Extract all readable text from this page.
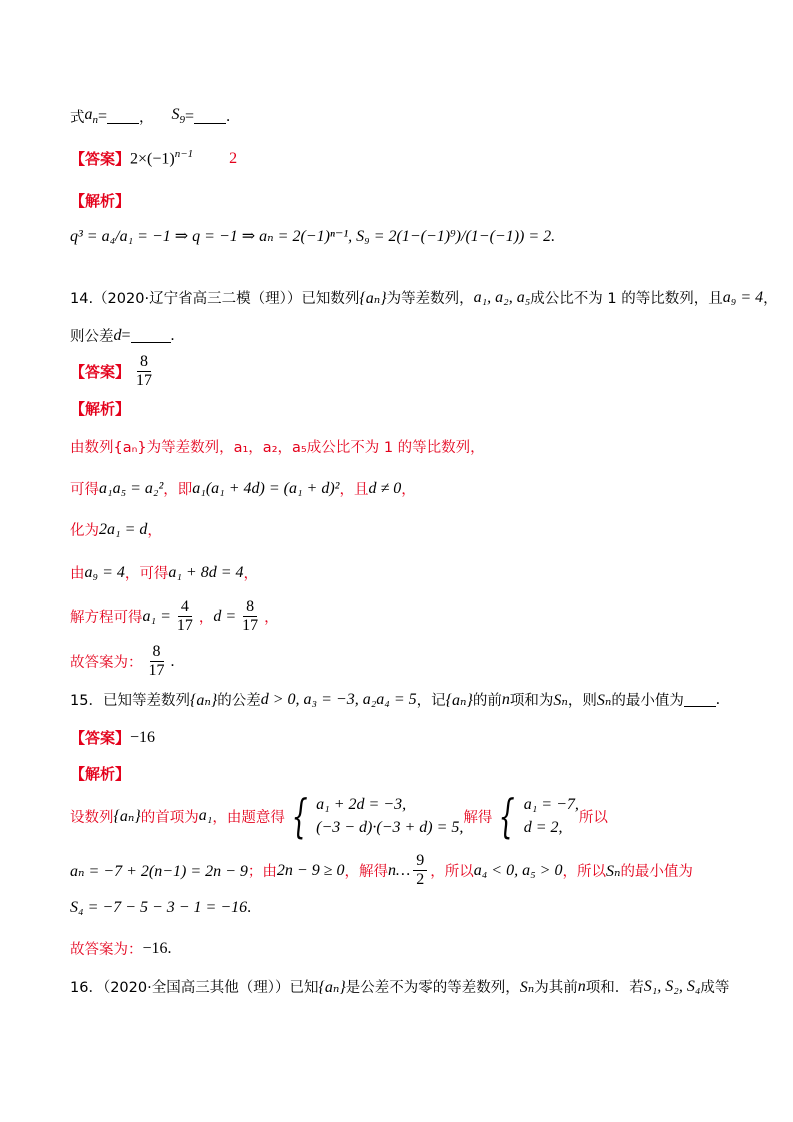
式 $a_n$ = ， $S_9$ = .
【答案】 $2\times(-1)^{n-1}$ 2
【解析】
q³ = a₄/a₁ = −1 ⇒ q = −1 ⇒ aₙ = 2(−1)ⁿ⁻¹, S₉ = 2(1−(−1)⁹)/(1−(−1)) = 2.
14.（2020·辽宁省高三二模（理））已知数列 {aₙ} 为等差数列， a₁, a₂, a₅ 成公比不为 1 的等比数列，且 a₉ = 4 ，
则公差 d =	.
【答案】 $\frac{8}{17}$
【解析】
由数列{aₙ}为等差数列，a₁，a₂，a₅成公比不为 1 的等比数列，
可得 a₁a₅ = a₂² ，即 a₁(a₁ + 4d) = (a₁ + d)² ，且 d ≠ 0 ，
化为 2a₁ = d ，
由 a₉ = 4 ，可得 a₁ + 8d = 4 ，
解方程可得 $a_1 = \frac{4}{17}$ ， $d = \frac{8}{17}$ ，
故答案为： $\frac{8}{17}$ .
15．已知等差数列 {aₙ} 的公差 d > 0, a₃ = −3, a₂a₄ = 5 ，记 {aₙ} 的前 n 项和为 Sₙ ，则 Sₙ 的最小值为 .
【答案】 −16
【解析】
设数列 {aₙ} 的首项为 a₁ ，由题意得 { a₁ + 2d = −3,
(−3 − d)·(−3 + d) = 5,
解得 { a₁ = −7,
d = 2,
所以
aₙ = −7 + 2(n−1) = 2n − 9 ；由 2n − 9 ≥ 0 ，解得 n… $\frac{9}{2}$ ，所以 a₄ < 0, a₅ > 0 ，所以 Sₙ 的最小值为
S₄ = −7 − 5 − 3 − 1 = −16 .
故答案为： −16 .
16．（2020·全国高三其他（理））已知 {aₙ} 是公差不为零的等差数列， Sₙ 为其前 n 项和．若 S₁, S₂, S₄ 成等
